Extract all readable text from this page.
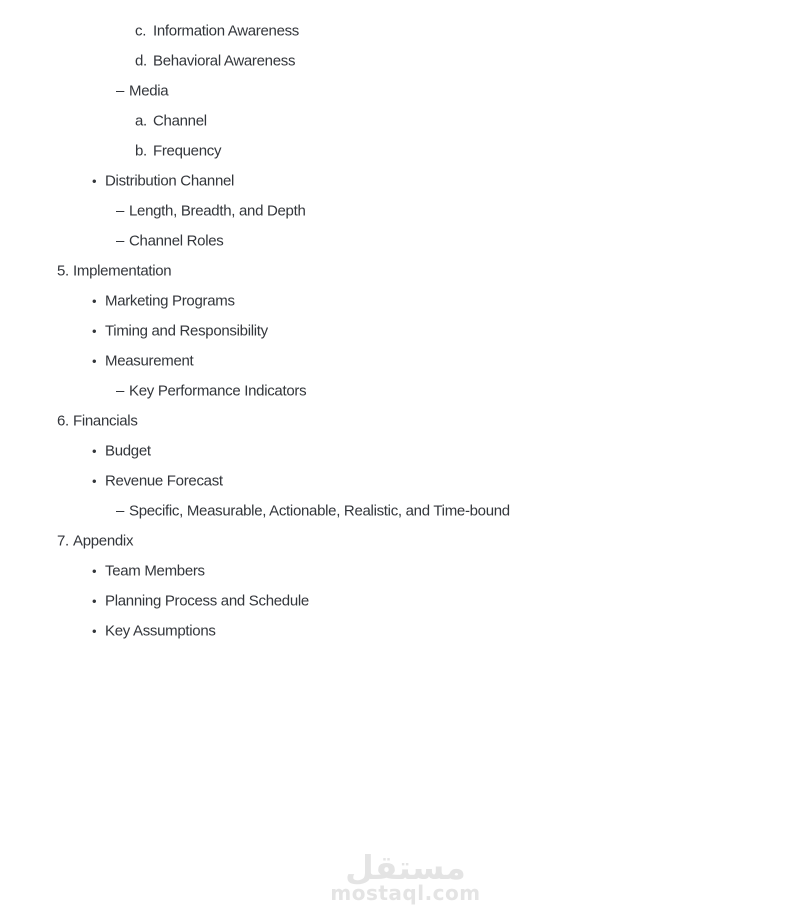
c. Information Awareness
d. Behavioral Awareness
– Media
a. Channel
b. Frequency
• Distribution Channel
– Length, Breadth, and Depth
– Channel Roles
5. Implementation
• Marketing Programs
• Timing and Responsibility
• Measurement
– Key Performance Indicators
6. Financials
• Budget
• Revenue Forecast
– Specific, Measurable, Actionable, Realistic, and Time-bound
7. Appendix
• Team Members
• Planning Process and Schedule
• Key Assumptions
مستقل
mostaql.com
